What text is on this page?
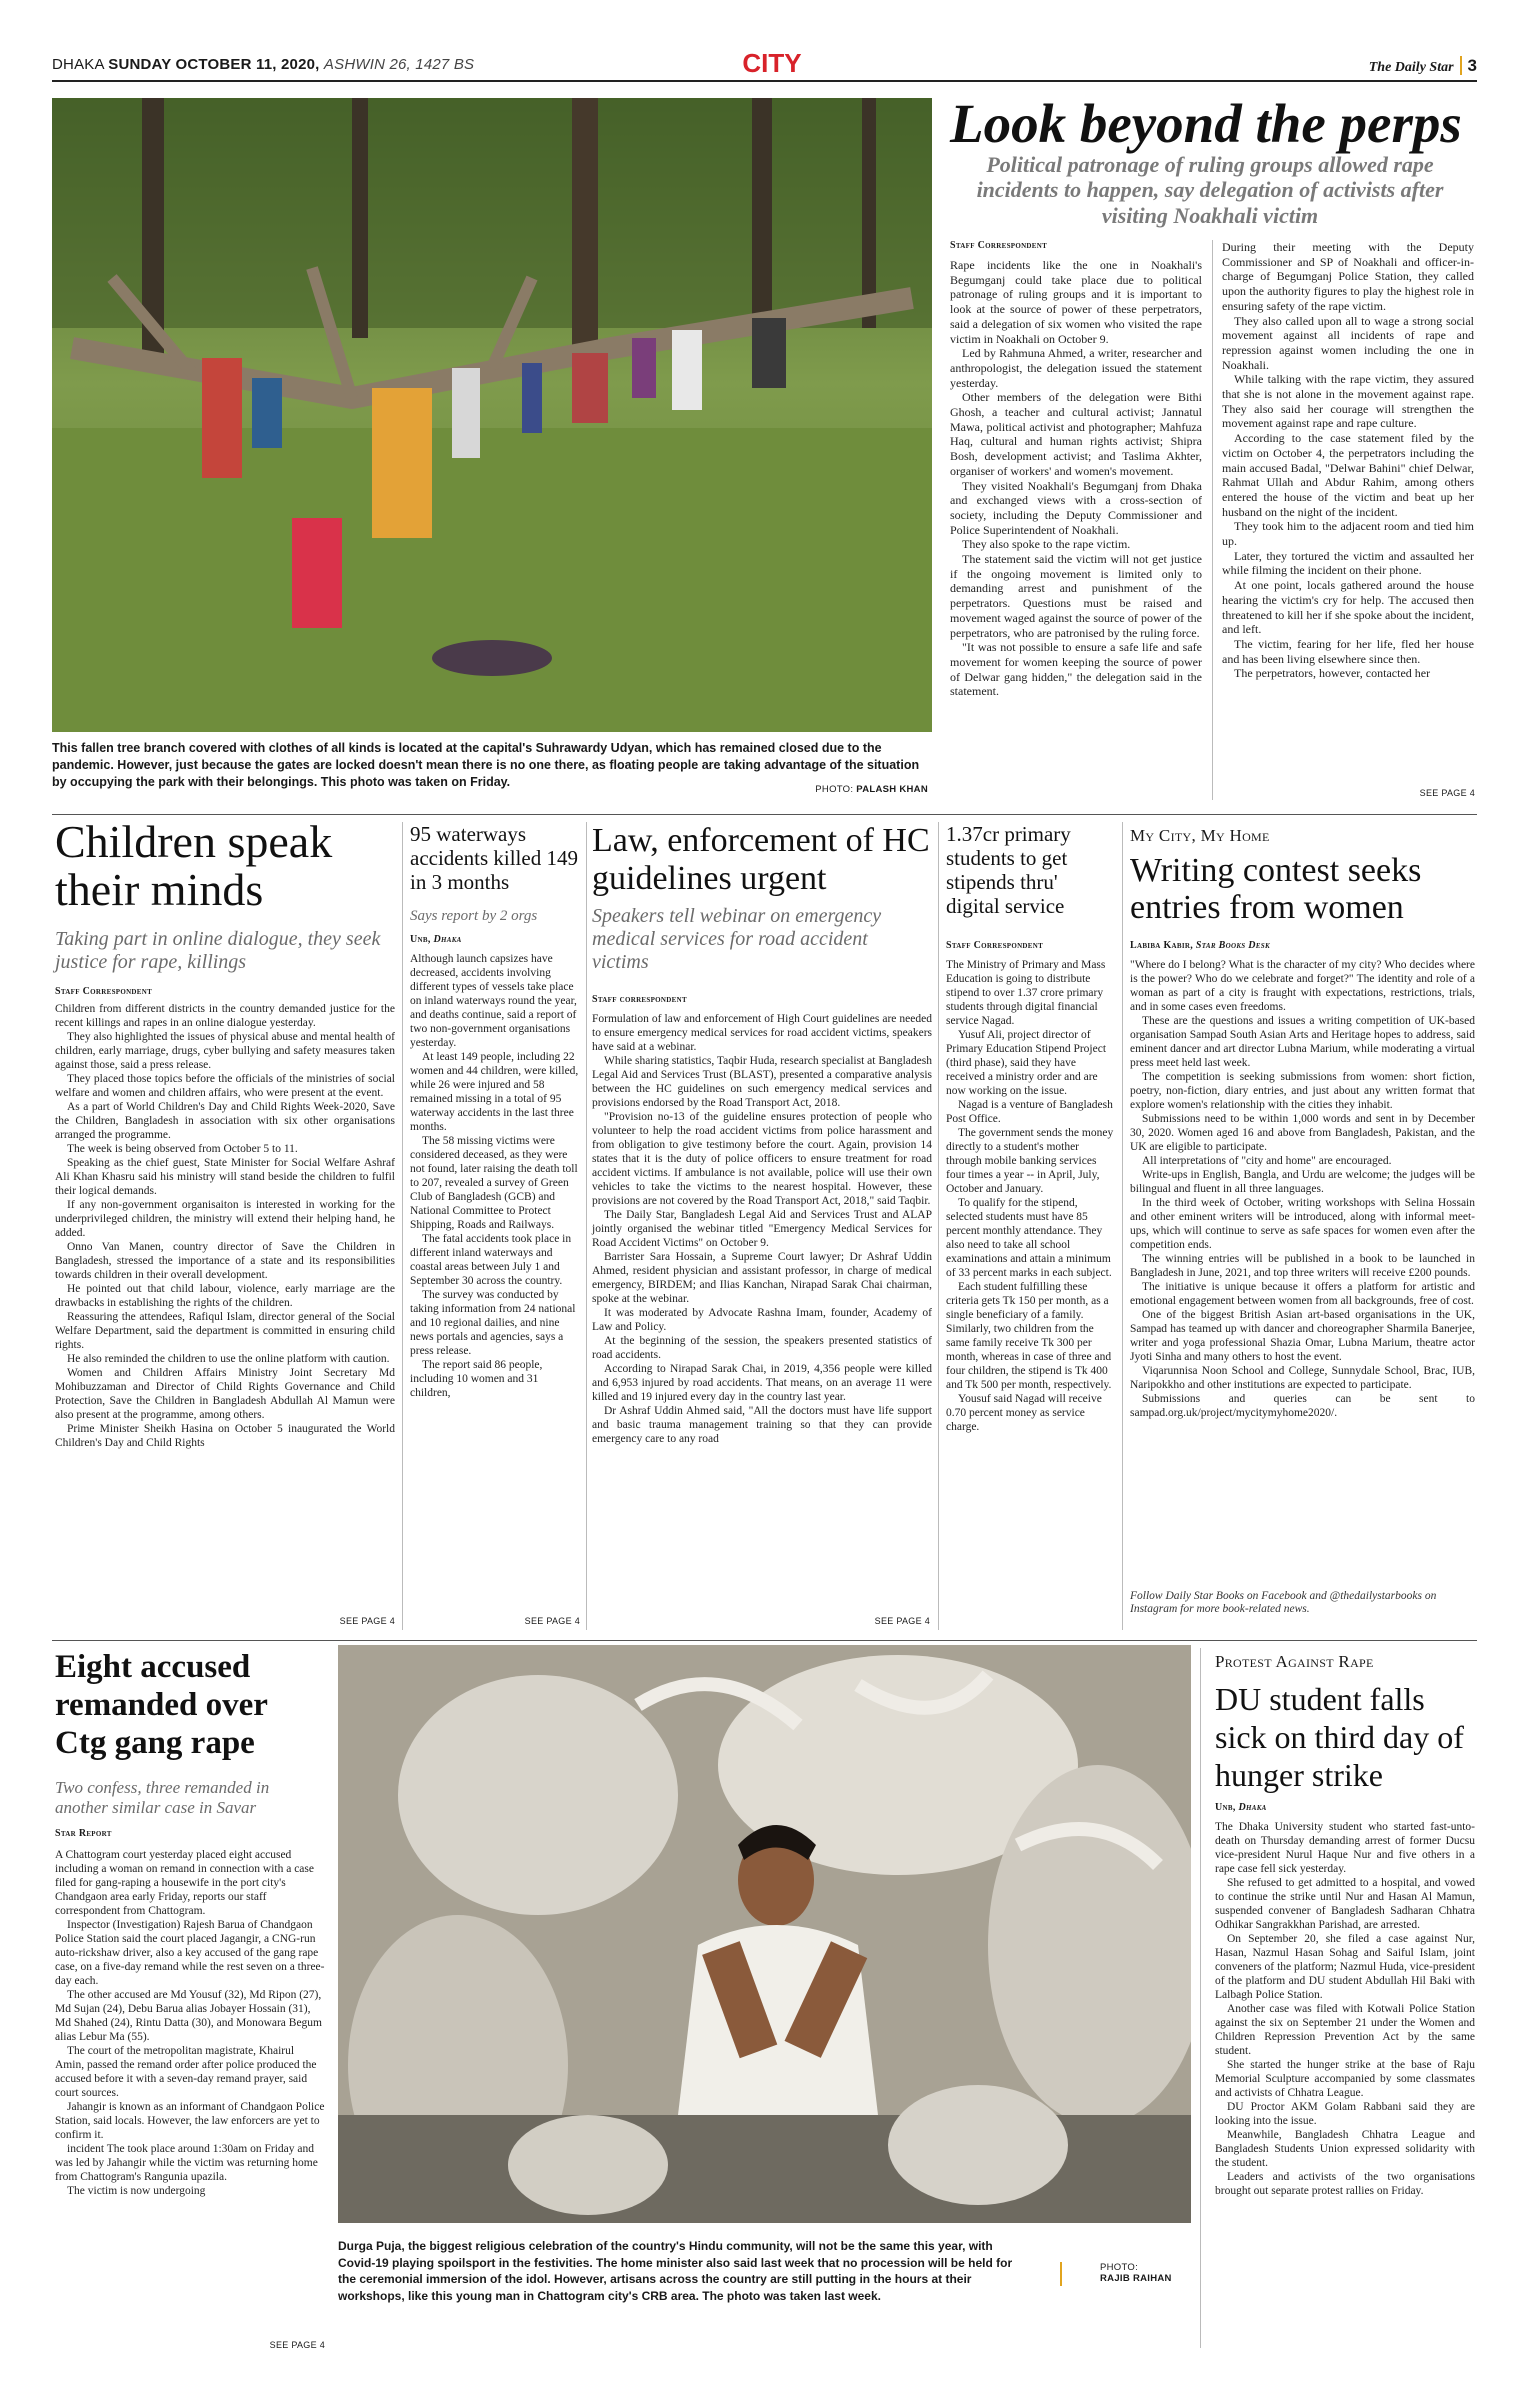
DHAKA SUNDAY OCTOBER 11, 2020, ASHWIN 26, 1427 BS	CITY	The Daily Star 3
This fallen tree branch covered with clothes of all kinds is located at the capital's Suhrawardy Udyan, which has remained closed due to the pandemic. However, just because the gates are locked doesn't mean there is no one there, as floating people are taking advantage of the situation by occupying the park with their belongings. This photo was taken on Friday.
PHOTO: PALASH KHAN
Look beyond the perps
Political patronage of ruling groups allowed rape incidents to happen, say delegation of activists after visiting Noakhali victim
Staff Correspondent

Rape incidents like the one in Noakhali's Begumganj could take place due to political patronage of ruling groups and it is important to look at the source of power of these perpetrators, said a delegation of six women who visited the rape victim in Noakhali on October 9.

Led by Rahmuna Ahmed, a writer, researcher and anthropologist, the delegation issued the statement yesterday.

Other members of the delegation were Bithi Ghosh, a teacher and cultural activist; Jannatul Mawa, political activist and photographer; Mahfuza Haq, cultural and human rights activist; Shipra Bosh, development activist; and Taslima Akhter, organiser of workers' and women's movement.

They visited Noakhali's Begumganj from Dhaka and exchanged views with a cross-section of society, including the Deputy Commissioner and Police Superintendent of Noakhali.

They also spoke to the rape victim.

The statement said the victim will not get justice if the ongoing movement is limited only to demanding arrest and punishment of the perpetrators. Questions must be raised and movement waged against the source of power of the perpetrators, who are patronised by the ruling force.

"It was not possible to ensure a safe life and safe movement for women keeping the source of power of Delwar gang hidden," the delegation said in the statement.

During their meeting with the Deputy Commissioner and SP of Noakhali and officer-in-charge of Begumganj Police Station, they called upon the authority figures to play the highest role in ensuring safety of the rape victim.

They also called upon all to wage a strong social movement against all incidents of rape and repression against women including the one in Noakhali.

While talking with the rape victim, they assured that she is not alone in the movement against rape. They also said her courage will strengthen the movement against rape and rape culture.

According to the case statement filed by the victim on October 4, the perpetrators including the main accused Badal, "Delwar Bahini" chief Delwar, Rahmat Ullah and Abdur Rahim, among others entered the house of the victim and beat up her husband on the night of the incident.

They took him to the adjacent room and tied him up.

Later, they tortured the victim and assaulted her while filming the incident on their phone.

At one point, locals gathered around the house hearing the victim's cry for help. The accused then threatened to kill her if she spoke about the incident, and left.

The victim, fearing for her life, fled her house and has been living elsewhere since then.

The perpetrators, however, contacted her

SEE PAGE 4
Children speak their minds
Taking part in online dialogue, they seek justice for rape, killings
Staff Correspondent

Children from different districts in the country demanded justice for the recent killings and rapes in an online dialogue yesterday.

They also highlighted the issues of physical abuse and mental health of children, early marriage, drugs, cyber bullying and safety measures taken against those, said a press release.

They placed those topics before the officials of the ministries of social welfare and women and children affairs, who were present at the event.

As a part of World Children's Day and Child Rights Week-2020, Save the Children, Bangladesh in association with six other organisations arranged the programme.

The week is being observed from October 5 to 11.

Speaking as the chief guest, State Minister for Social Welfare Ashraf Ali Khan Khasru said his ministry will stand beside the children to fulfil their logical demands.

If any non-government organisaiton is interested in working for the underprivileged children, the ministry will extend their helping hand, he added.

Onno Van Manen, country director of Save the Children in Bangladesh, stressed the importance of a state and its responsibilities towards children in their overall development.

He pointed out that child labour, violence, early marriage are the drawbacks in establishing the rights of the children.

Reassuring the attendees, Rafiqul Islam, director general of the Social Welfare Department, said the department is committed in ensuring child rights.

He also reminded the children to use the online platform with caution.

Women and Children Affairs Ministry Joint Secretary Md Mohibuzzaman and Director of Child Rights Governance and Child Protection, Save the Children in Bangladesh Abdullah Al Mamun were also present at the programme, among others.

Prime Minister Sheikh Hasina on October 5 inaugurated the World Children's Day and Child Rights

SEE PAGE 4
95 waterways accidents killed 149 in 3 months
Says report by 2 orgs
Unb, Dhaka

Although launch capsizes have decreased, accidents involving different types of vessels take place on inland waterways round the year, and deaths continue, said a report of two non-government organisations yesterday.

At least 149 people, including 22 women and 44 children, were killed, while 26 were injured and 58 remained missing in a total of 95 waterway accidents in the last three months.

The 58 missing victims were considered deceased, as they were not found, later raising the death toll to 207, revealed a survey of Green Club of Bangladesh (GCB) and National Committee to Protect Shipping, Roads and Railways.

The fatal accidents took place in different inland waterways and coastal areas between July 1 and September 30 across the country.

The survey was conducted by taking information from 24 national and 10 regional dailies, and nine news portals and agencies, says a press release.

The report said 86 people, including 10 women and 31 children,

SEE PAGE 4
Law, enforcement of HC guidelines urgent
Speakers tell webinar on emergency medical services for road accident victims
Staff correspondent

Formulation of law and enforcement of High Court guidelines are needed to ensure emergency medical services for road accident victims, speakers have said at a webinar.

While sharing statistics, Taqbir Huda, research specialist at Bangladesh Legal Aid and Services Trust (BLAST), presented a comparative analysis between the HC guidelines on such emergency medical services and provisions endorsed by the Road Transport Act, 2018.

"Provision no-13 of the guideline ensures protection of people who volunteer to help the road accident victims from police harassment and from obligation to give testimony before the court. Again, provision 14 states that it is the duty of police officers to ensure treatment for road accident victims. If ambulance is not available, police will use their own vehicles to take the victims to the nearest hospital. However, these provisions are not covered by the Road Transport Act, 2018," said Taqbir.

The Daily Star, Bangladesh Legal Aid and Services Trust and ALAP jointly organised the webinar titled "Emergency Medical Services for Road Accident Victims" on October 9.

Barrister Sara Hossain, a Supreme Court lawyer; Dr Ashraf Uddin Ahmed, resident physician and assistant professor, in charge of medical emergency, BIRDEM; and Ilias Kanchan, Nirapad Sarak Chai chairman, spoke at the webinar.

It was moderated by Advocate Rashna Imam, founder, Academy of Law and Policy.

At the beginning of the session, the speakers presented statistics of road accidents.

According to Nirapad Sarak Chai, in 2019, 4,356 people were killed and 6,953 injured by road accidents. That means, on an average 11 were killed and 19 injured every day in the country last year.

Dr Ashraf Uddin Ahmed said, "All the doctors must have life support and basic trauma management training so that they can provide emergency care to any road

SEE PAGE 4
1.37cr primary students to get stipends thru' digital service
Staff Correspondent

The Ministry of Primary and Mass Education is going to distribute stipend to over 1.37 crore primary students through digital financial service Nagad.

Yusuf Ali, project director of Primary Education Stipend Project (third phase), said they have received a ministry order and are now working on the issue.

Nagad is a venture of Bangladesh Post Office.

The government sends the money directly to a student's mother through mobile banking services four times a year -- in April, July, October and January.

To qualify for the stipend, selected students must have 85 percent monthly attendance. They also need to take all school examinations and attain a minimum of 33 percent marks in each subject.

Each student fulfilling these criteria gets Tk 150 per month, as a single beneficiary of a family. Similarly, two children from the same family receive Tk 300 per month, whereas in case of three and four children, the stipend is Tk 400 and Tk 500 per month, respectively.

Yousuf said Nagad will receive 0.70 percent money as service charge.

My City, My Home
Writing contest seeks entries from women
Labiba Kabir, Star Books Desk

"Where do I belong? What is the character of my city? Who decides where is the power? Who do we celebrate and forget?" The identity and role of a woman as part of a city is fraught with expectations, restrictions, trials, and in some cases even freedoms.

These are the questions and issues a writing competition of UK-based organisation Sampad South Asian Arts and Heritage hopes to address, said eminent dancer and art director Lubna Marium, while moderating a virtual press meet held last week.

The competition is seeking submissions from women: short fiction, poetry, non-fiction, diary entries, and just about any written format that explore women's relationship with the cities they inhabit.

Submissions need to be within 1,000 words and sent in by December 30, 2020. Women aged 16 and above from Bangladesh, Pakistan, and the UK are eligible to participate.

All interpretations of "city and home" are encouraged.

Write-ups in English, Bangla, and Urdu are welcome; the judges will be bilingual and fluent in all three languages.

In the third week of October, writing workshops with Selina Hossain and other eminent writers will be introduced, along with informal meet-ups, which will continue to serve as safe spaces for women even after the competition ends.

The winning entries will be published in a book to be launched in Bangladesh in June, 2021, and top three writers will receive £200 pounds.

The initiative is unique because it offers a platform for artistic and emotional engagement between women from all backgrounds, free of cost.

One of the biggest British Asian art-based organisations in the UK, Sampad has teamed up with dancer and choreographer Sharmila Banerjee, writer and yoga professional Shazia Omar, Lubna Marium, theatre actor Jyoti Sinha and many others to host the event.

Viqarunnisa Noon School and College, Sunnydale School, Brac, IUB, Naripokkho and other institutions are expected to participate.

Submissions and queries can be sent to sampad.org.uk/project/mycitymyhome2020/.

Follow Daily Star Books on Facebook and @thedailystarbooks on Instagram for more book-related news.
Eight accused remanded over Ctg gang rape
Two confess, three remanded in another similar case in Savar
Star Report

A Chattogram court yesterday placed eight accused including a woman on remand in connection with a case filed for gang-raping a housewife in the port city's Chandgaon area early Friday, reports our staff correspondent from Chattogram.

Inspector (Investigation) Rajesh Barua of Chandgaon Police Station said the court placed Jagangir, a CNG-run auto-rickshaw driver, also a key accused of the gang rape case, on a five-day remand while the rest seven on a three-day each.

The other accused are Md Yousuf (32), Md Ripon (27), Md Sujan (24), Debu Barua alias Jobayer Hossain (31), Md Shahed (24), Rintu Datta (30), and Monowara Begum alias Lebur Ma (55).

The court of the metropolitan magistrate, Khairul Amin, passed the remand order after police produced the accused before it with a seven-day remand prayer, said court sources.

Jahangir is known as an informant of Chandgaon Police Station, said locals. However, the law enforcers are yet to confirm it.

incident The took place around 1:30am on Friday and was led by Jahangir while the victim was returning home from Chattogram's Rangunia upazila.

The victim is now undergoing

SEE PAGE 4
Durga Puja, the biggest religious celebration of the country's Hindu community, will not be the same this year, with Covid-19 playing spoilsport in the festivities. The home minister also said last week that no procession will be held for the ceremonial immersion of the idol. However, artisans across the country are still putting in the hours at their workshops, like this young man in Chattogram city's CRB area. The photo was taken last week.
PHOTO:
RAJIB RAIHAN
Protest Against Rape
DU student falls sick on third day of hunger strike
Unb, Dhaka

The Dhaka University student who started fast-unto-death on Thursday demanding arrest of former Ducsu vice-president Nurul Haque Nur and five others in a rape case fell sick yesterday.

She refused to get admitted to a hospital, and vowed to continue the strike until Nur and Hasan Al Mamun, suspended convener of Bangladesh Sadharan Chhatra Odhikar Sangrakkhan Parishad, are arrested.

On September 20, she filed a case against Nur, Hasan, Nazmul Hasan Sohag and Saiful Islam, joint conveners of the platform; Nazmul Huda, vice-president of the platform and DU student Abdullah Hil Baki with Lalbagh Police Station.

Another case was filed with Kotwali Police Station against the six on September 21 under the Women and Children Repression Prevention Act by the same student.

She started the hunger strike at the base of Raju Memorial Sculpture accompanied by some classmates and activists of Chhatra League.

DU Proctor AKM Golam Rabbani said they are looking into the issue.

Meanwhile, Bangladesh Chhatra League and Bangladesh Students Union expressed solidarity with the student.

Leaders and activists of the two organisations brought out separate protest rallies on Friday.
